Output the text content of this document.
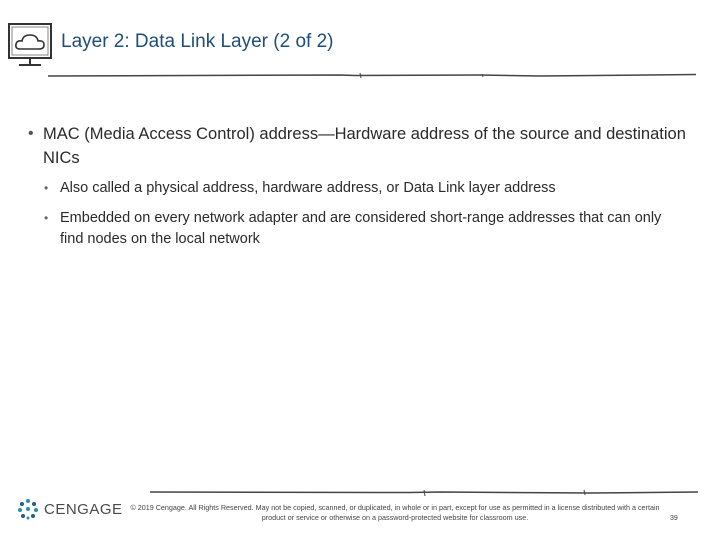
Layer 2: Data Link Layer (2 of 2)
• MAC (Media Access Control) address—Hardware address of the source and destination NICs
• Also called a physical address, hardware address, or Data Link layer address
• Embedded on every network adapter and are considered short-range addresses that can only find nodes on the local network
CENGAGE © 2019 Cengage. All Rights Reserved. May not be copied, scanned, or duplicated, in whole or in part, except for use as permitted in a license distributed with a certain product or service or otherwise on a password-protected website for classroom use.	39
